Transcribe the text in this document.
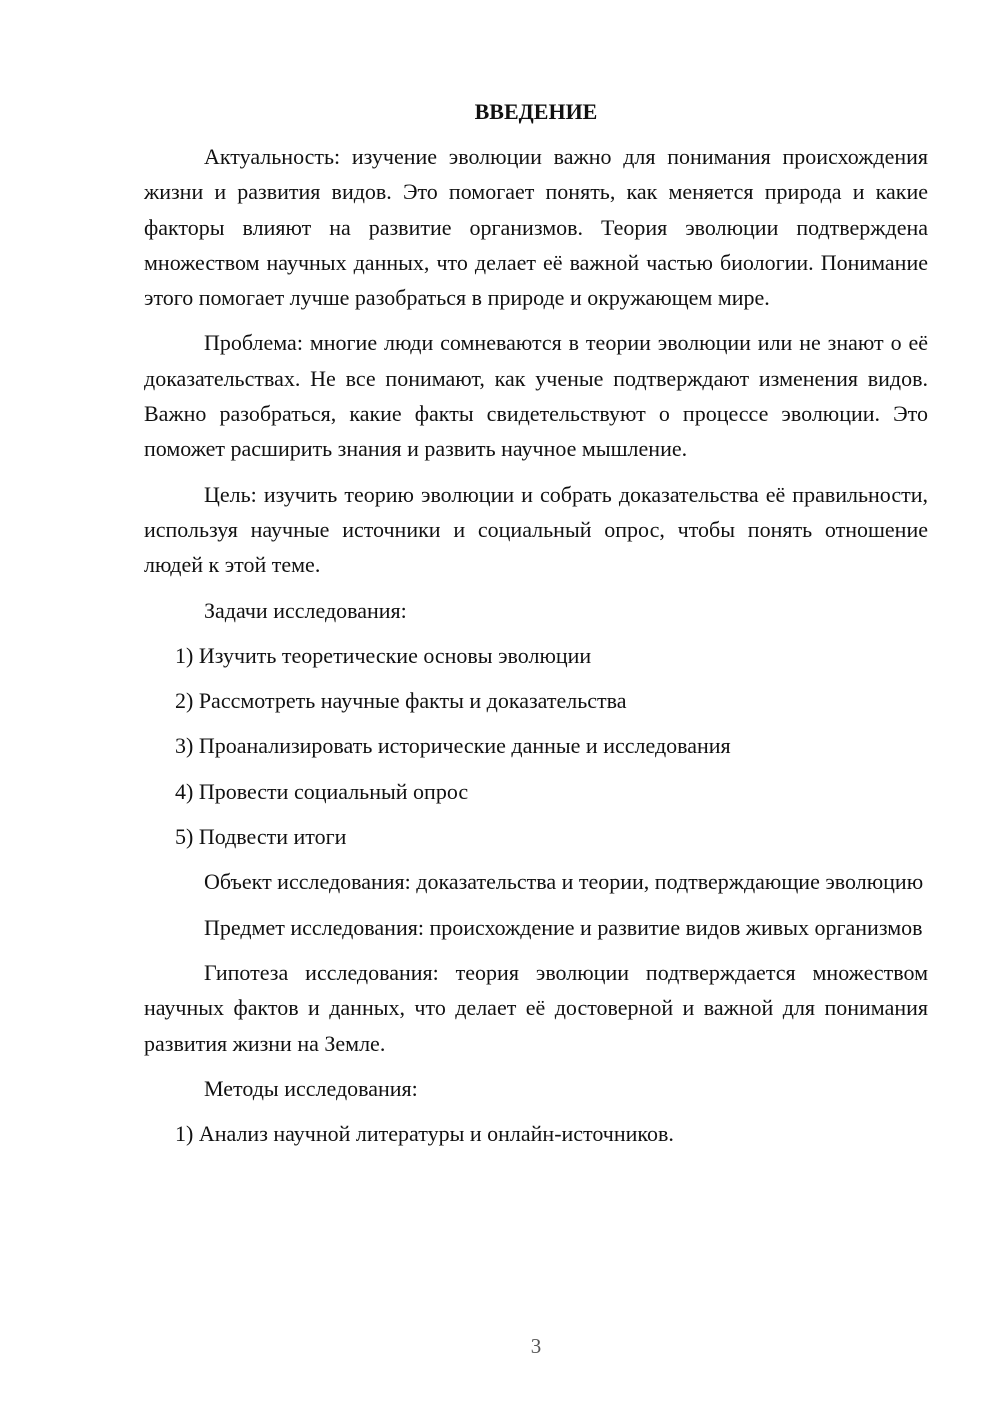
ВВЕДЕНИЕ

Актуальность: изучение эволюции важно для понимания происхождения жизни и развития видов. Это помогает понять, как меняется природа и какие факторы влияют на развитие организмов. Теория эволюции подтверждена множеством научных данных, что делает её важной частью биологии. Понимание этого помогает лучше разобраться в природе и окружающем мире.

Проблема: многие люди сомневаются в теории эволюции или не знают о её доказательствах. Не все понимают, как ученые подтверждают изменения видов. Важно разобраться, какие факты свидетельствуют о процессе эволюции. Это поможет расширить знания и развить научное мышление.

Цель: изучить теорию эволюции и собрать доказательства её правильности, используя научные источники и социальный опрос, чтобы понять отношение людей к этой теме.

Задачи исследования:

1) Изучить теоретические основы эволюции

2) Рассмотреть научные факты и доказательства

3) Проанализировать исторические данные и исследования

4) Провести социальный опрос

5) Подвести итоги

Объект исследования: доказательства и теории, подтверждающие эволюцию

Предмет исследования: происхождение и развитие видов живых организмов

Гипотеза исследования: теория эволюции подтверждается множеством научных фактов и данных, что делает её достоверной и важной для понимания развития жизни на Земле.

Методы исследования:

1) Анализ научной литературы и онлайн-источников.

3
